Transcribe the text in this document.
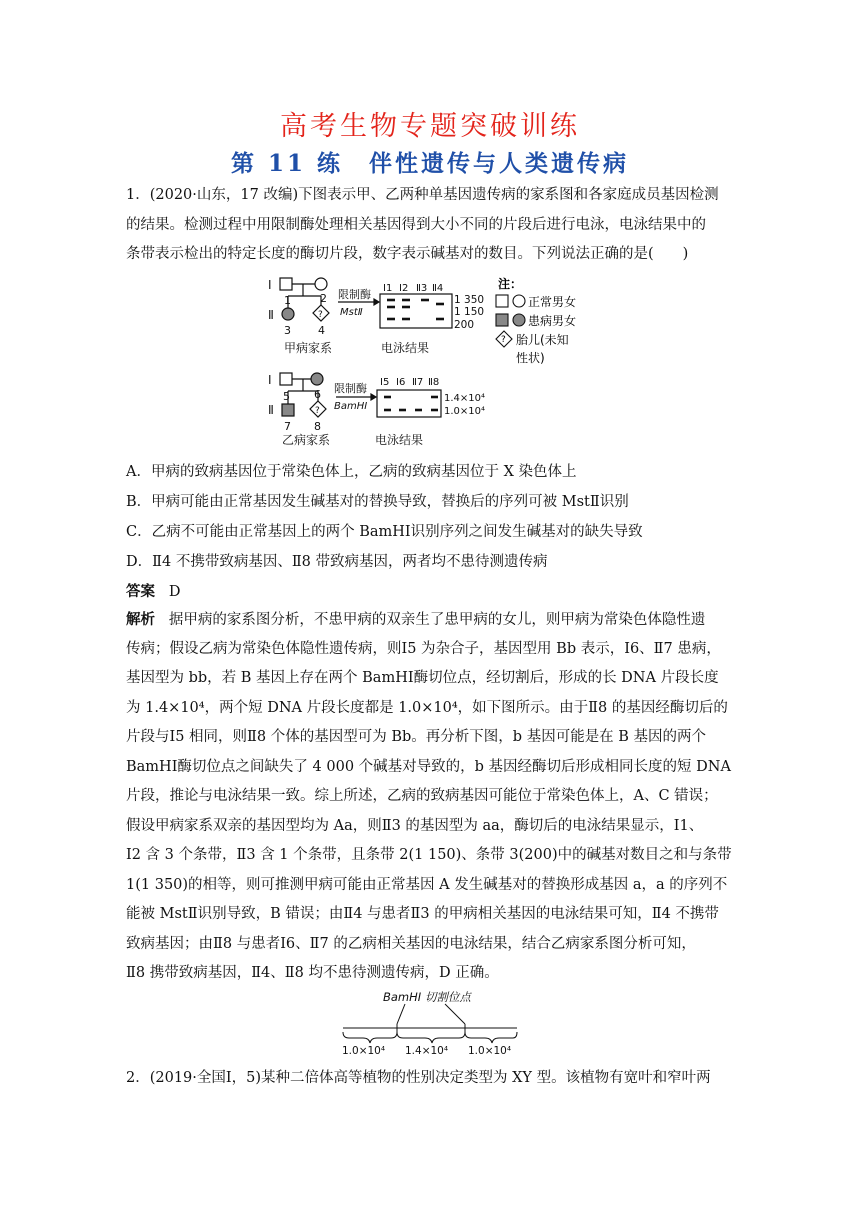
高考生物专题突破训练
第 11 练　伴性遗传与人类遗传病
1．(2020·山东，17 改编)下图表示甲、乙两种单基因遗传病的家系图和各家庭成员基因检测
的结果。检测过程中用限制酶处理相关基因得到大小不同的片段后进行电泳，电泳结果中的
条带表示检出的特定长度的酶切片段，数字表示碱基对的数目。下列说法正确的是(　　)
Ⅰ
Ⅱ
1	2
3 4
?
限制酶
MstⅡ
Ⅰ1 Ⅰ2 Ⅱ3 Ⅱ4
1 350
1 150
200
甲病家系	电泳结果
Ⅰ
Ⅱ
5 6
7 8
?
限制酶
BamHⅠ
Ⅰ5 Ⅰ6 Ⅱ7 Ⅱ8
1.4×10⁴
1.0×10⁴
乙病家系	电泳结果
注：
正常男女
患病男女
? 胎儿(未知
性状)
A．甲病的致病基因位于常染色体上，乙病的致病基因位于 X 染色体上
B．甲病可能由正常基因发生碱基对的替换导致，替换后的序列可被 MstⅡ识别
C．乙病不可能由正常基因上的两个 BamHⅠ识别序列之间发生碱基对的缺失导致
D．Ⅱ4 不携带致病基因、Ⅱ8 带致病基因，两者均不患待测遗传病
答案 D
解析 据甲病的家系图分析，不患甲病的双亲生了患甲病的女儿，则甲病为常染色体隐性遗
传病；假设乙病为常染色体隐性遗传病，则Ⅰ5 为杂合子，基因型用 Bb 表示，Ⅰ6、Ⅱ7 患病，
基因型为 bb，若 B 基因上存在两个 BamHⅠ酶切位点，经切割后，形成的长 DNA 片段长度
为 1.4×10⁴，两个短 DNA 片段长度都是 1.0×10⁴，如下图所示。由于Ⅱ8 的基因经酶切后的
片段与Ⅰ5 相同，则Ⅱ8 个体的基因型可为 Bb。再分析下图，b 基因可能是在 B 基因的两个
BamHⅠ酶切位点之间缺失了 4 000 个碱基对导致的，b 基因经酶切后形成相同长度的短 DNA
片段，推论与电泳结果一致。综上所述，乙病的致病基因可能位于常染色体上，A、C 错误；
假设甲病家系双亲的基因型均为 Aa，则Ⅱ3 的基因型为 aa，酶切后的电泳结果显示，Ⅰ1、
Ⅰ2 含 3 个条带，Ⅱ3 含 1 个条带，且条带 2(1 150)、条带 3(200)中的碱基对数目之和与条带
1(1 350)的相等，则可推测甲病可能由正常基因 A 发生碱基对的替换形成基因 a，a 的序列不
能被 MstⅡ识别导致，B 错误；由Ⅱ4 与患者Ⅱ3 的甲病相关基因的电泳结果可知，Ⅱ4 不携带
致病基因；由Ⅱ8 与患者Ⅰ6、Ⅱ7 的乙病相关基因的电泳结果，结合乙病家系图分析可知，
Ⅱ8 携带致病基因，Ⅱ4、Ⅱ8 均不患待测遗传病，D 正确。
BamHⅠ 切割位点
1.0×10⁴ 1.4×10⁴ 1.0×10⁴
2．(2019·全国Ⅰ，5)某种二倍体高等植物的性别决定类型为 XY 型。该植物有宽叶和窄叶两
